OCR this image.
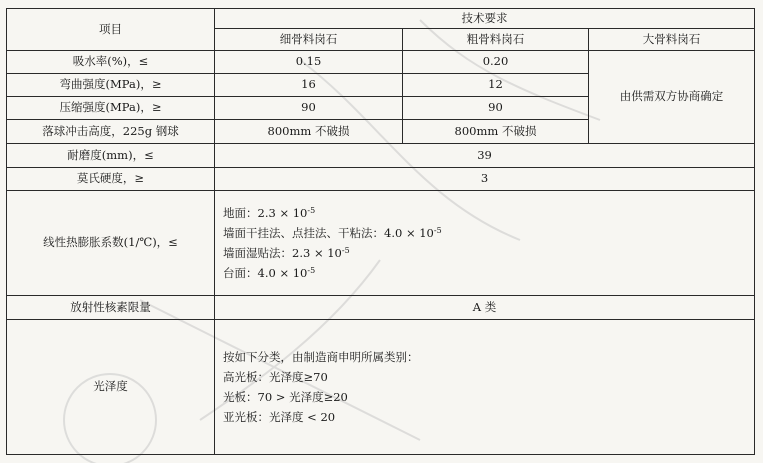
项目	技术要求		
	细骨料岗石	粗骨料岗石	大骨料岗石
吸水率(%)，≤	0.15	0.20	由供需双方协商确定
弯曲强度(MPa)，≥	16	12	
压缩强度(MPa)，≥	90	90	
落球冲击高度，225g 钢球	800mm 不破损	800mm 不破损	
耐磨度(mm)，≤	39		
莫氏硬度，≥	3		
线性热膨胀系数(1/℃)，≤	地面：$2.3 \times 10^{-5}$
墙面干挂法、点挂法、干粘法：$4.0 \times 10^{-5}$
墙面湿贴法：$2.3 \times 10^{-5}$
台面：$4.0 \times 10^{-5}$

放射性核素限量	A 类		
光泽度	按如下分类，由制造商申明所属类别：
高光板：光泽度≥70
光板：70 > 光泽度≥20
亚光板：光泽度 < 20		
